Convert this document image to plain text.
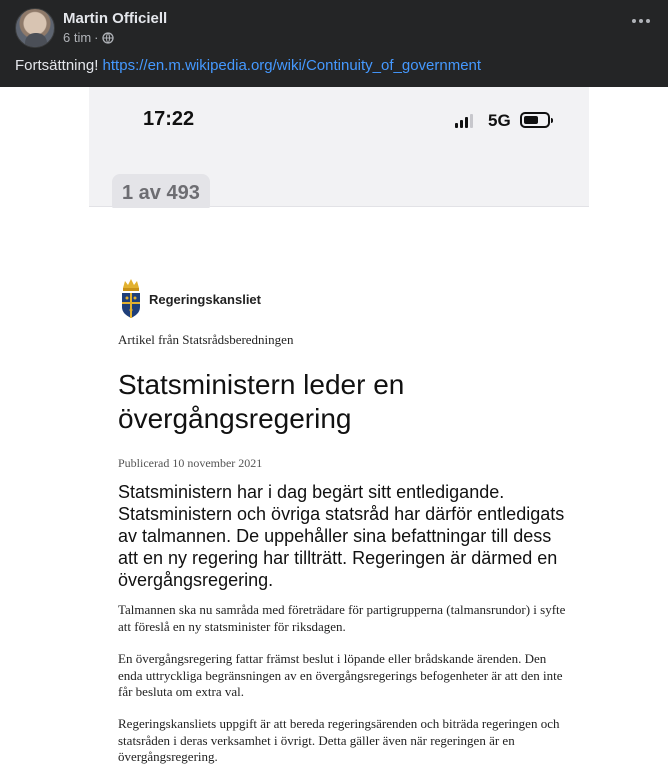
Martin Officiell
6 tim ·
Fortsättning! https://en.m.wikipedia.org/wiki/Continuity_of_government
17:22	5G
1 av 493
Regeringskansliet
Artikel från Statsrådsberedningen
Statsministern leder en övergångsregering
Publicerad 10 november 2021
Statsministern har i dag begärt sitt entledigande. Statsministern och övriga statsråd har därför entledigats av talmannen. De uppehåller sina befattningar till dess att en ny regering har tillträtt. Regeringen är därmed en övergångsregering.
Talmannen ska nu samråda med företrädare för partigrupperna (talmansrundor) i syfte att föreslå en ny statsminister för riksdagen.
En övergångsregering fattar främst beslut i löpande eller brådskande ärenden. Den enda uttryckliga begränsningen av en övergångsregerings befogenheter är att den inte får besluta om extra val.
Regeringskansliets uppgift är att bereda regeringsärenden och biträda regeringen och statsråden i deras verksamhet i övrigt. Detta gäller även när regeringen är en övergångsregering.
